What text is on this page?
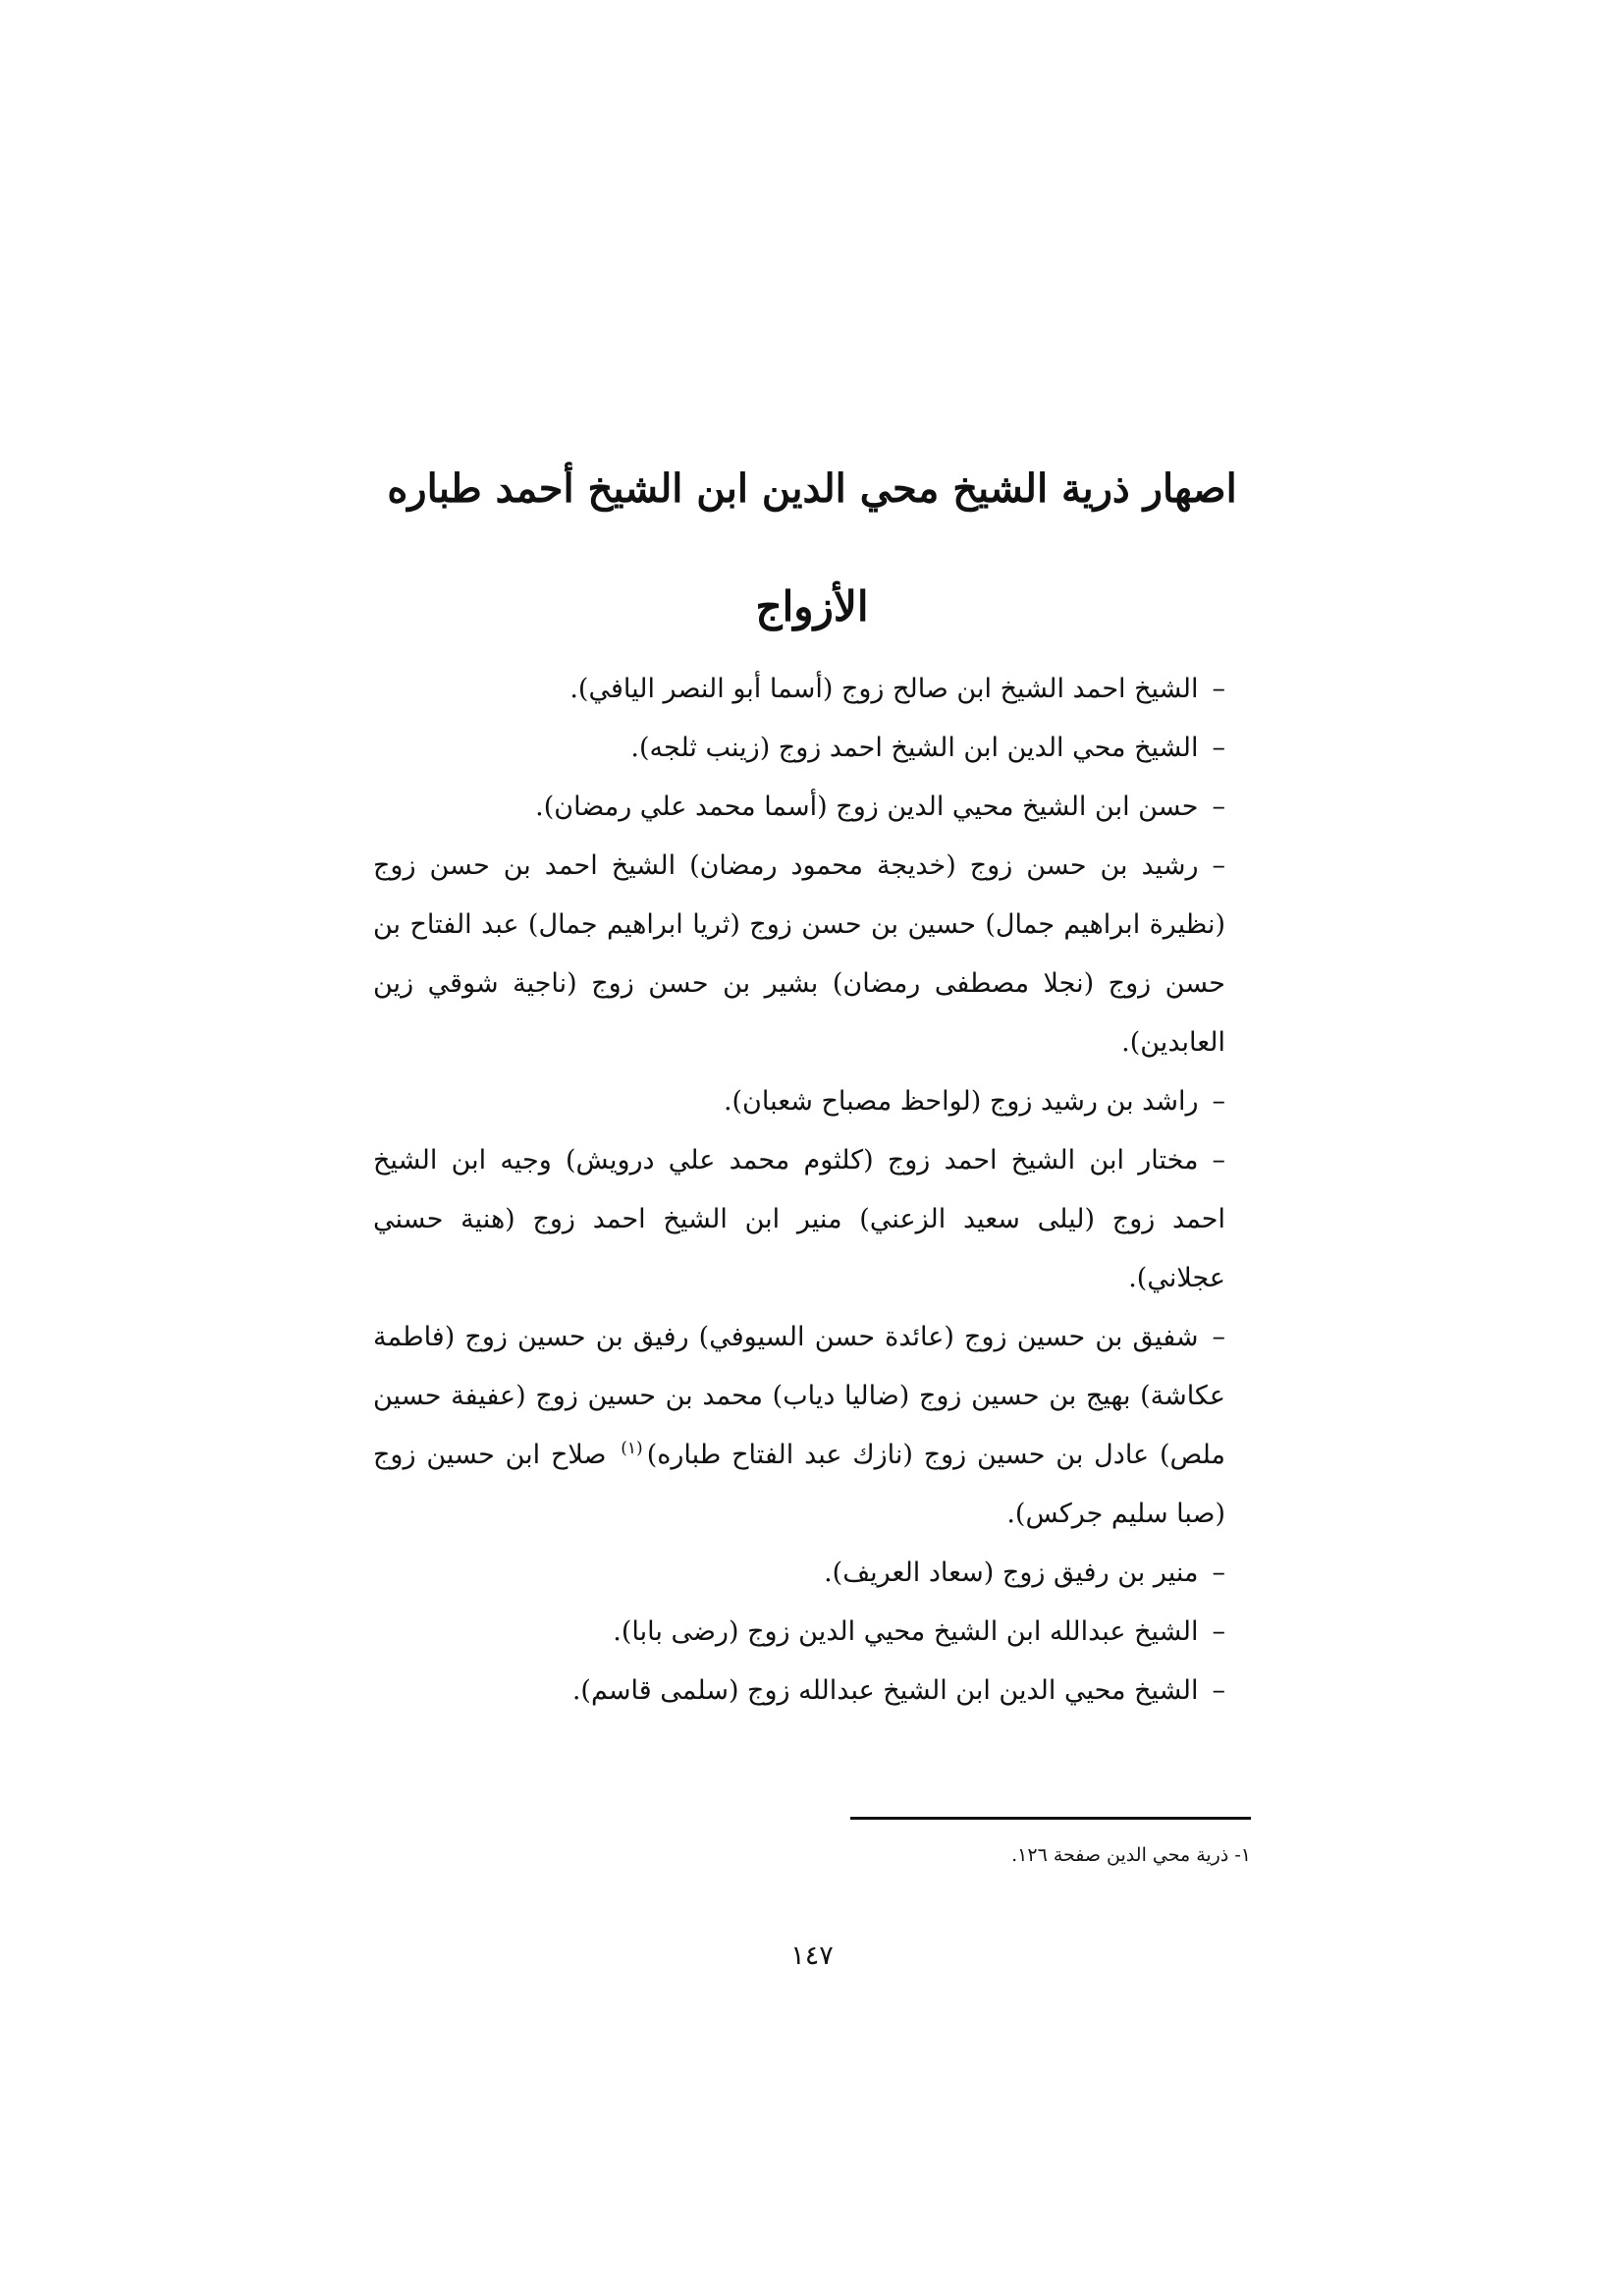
اصهار ذرية الشيخ محي الدين ابن الشيخ أحمد طباره
الأزواج

–الشيخ احمد الشيخ ابن صالح زوج (أسما أبو النصر اليافي).

–الشيخ محي الدين ابن الشيخ احمد زوج (زينب ثلجه).

–حسن ابن الشيخ محيي الدين زوج (أسما محمد علي رمضان).

–رشيد بن حسن زوج (خديجة محمود رمضان) الشيخ احمد بن حسن زوج (نظيرة ابراهيم جمال) حسين بن حسن زوج (ثريا ابراهيم جمال) عبد الفتاح بن حسن زوج (نجلا مصطفى رمضان) بشير بن حسن زوج (ناجية شوقي زين العابدين).

–راشد بن رشيد زوج (لواحظ مصباح شعبان).

–مختار ابن الشيخ احمد زوج (كلثوم محمد علي درويش) وجيه ابن الشيخ احمد زوج (ليلى سعيد الزعني) منير ابن الشيخ احمد زوج (هنية حسني عجلاني).

–شفيق بن حسين زوج (عائدة حسن السيوفي) رفيق بن حسين زوج (فاطمة عكاشة) بهيج بن حسين زوج (ضاليا دياب) محمد بن حسين زوج (عفيفة حسين ملص) عادل بن حسين زوج (نازك عبد الفتاح طباره)$^{(١)}$ صلاح ابن حسين زوج (صبا سليم جركس).

–منير بن رفيق زوج (سعاد العريف).

–الشيخ عبدالله ابن الشيخ محيي الدين زوج (رضى بابا).

–الشيخ محيي الدين ابن الشيخ عبدالله زوج (سلمى قاسم).

١- ذرية محي الدين صفحة ١٢٦.

١٤٧
